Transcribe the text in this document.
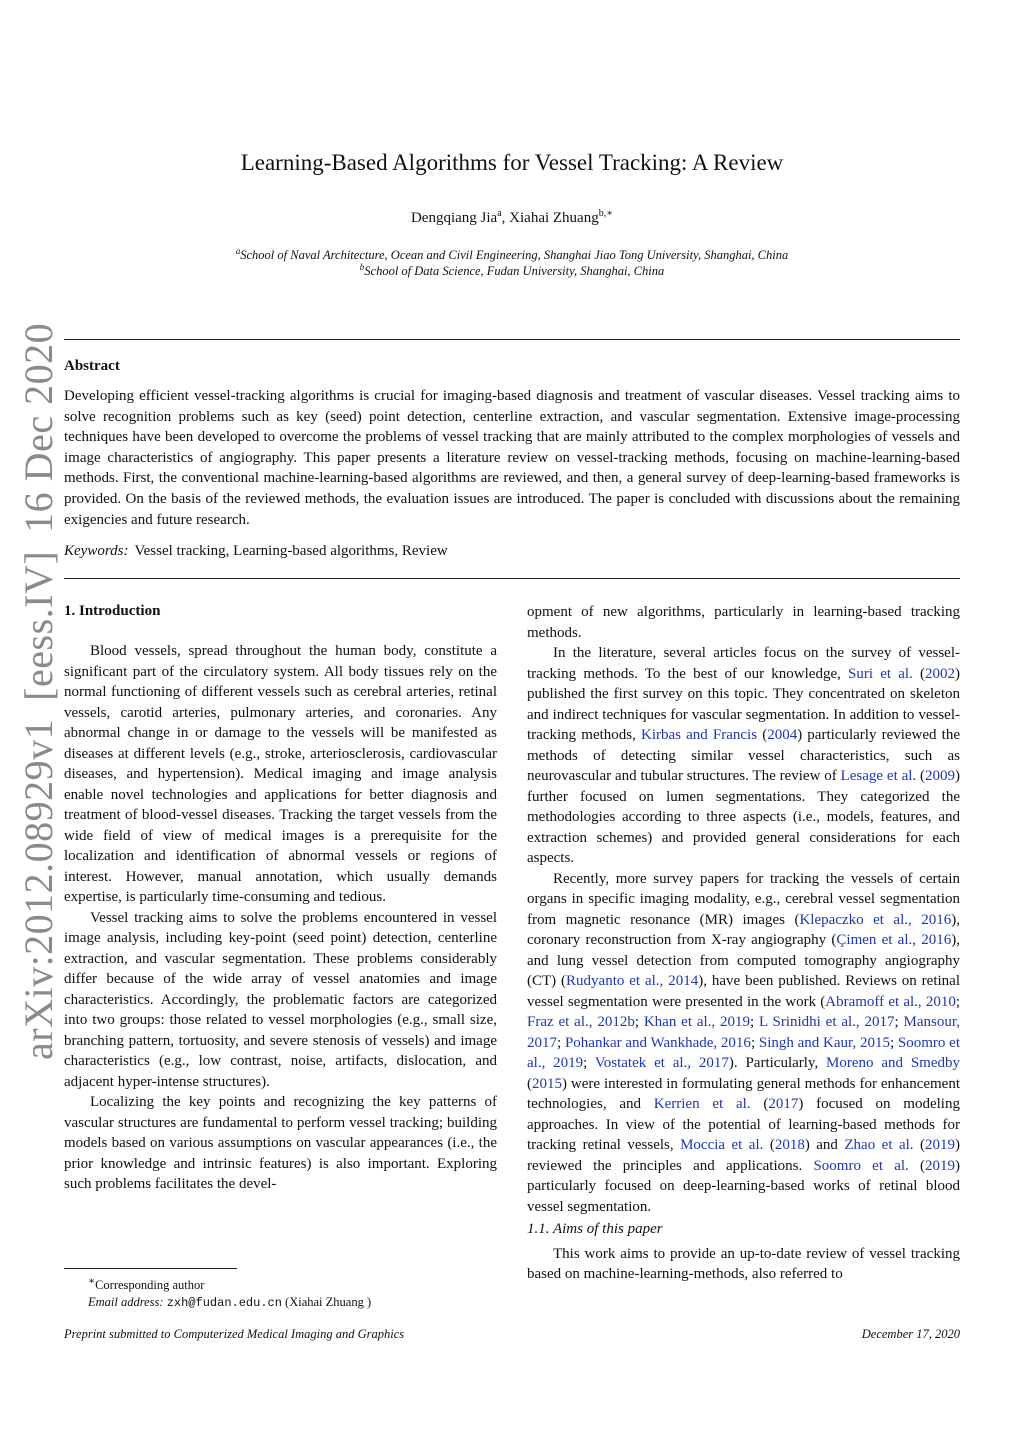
arXiv:2012.08929v1
[eess.IV]
16 Dec 2020
Learning-Based Algorithms for Vessel Tracking: A Review
Dengqiang Jia$^a$, Xiahai Zhuang$^{b,∗}$
$^a$School of Naval Architecture, Ocean and Civil Engineering, Shanghai Jiao Tong University, Shanghai, China
$^b$School of Data Science, Fudan University, Shanghai, China
Abstract
Developing efficient vessel-tracking algorithms is crucial for imaging-based diagnosis and treatment of vascular diseases. Vessel tracking aims to solve recognition problems such as key (seed) point detection, centerline extraction, and vascular segmentation. Extensive image-processing techniques have been developed to overcome the problems of vessel tracking that are mainly attributed to the complex morphologies of vessels and image characteristics of angiography. This paper presents a literature review on vessel-tracking methods, focusing on machine-learning-based methods. First, the conventional machine-learning-based algorithms are reviewed, and then, a general survey of deep-learning-based frameworks is provided. On the basis of the reviewed methods, the evaluation issues are introduced. The paper is concluded with discussions about the remaining exigencies and future research.
Keywords: Vessel tracking, Learning-based algorithms, Review
1. Introduction

Blood vessels, spread throughout the human body, constitute a significant part of the circulatory system. All body tissues rely on the normal functioning of different vessels such as cerebral arteries, retinal vessels, carotid arteries, pulmonary arteries, and coronaries. Any abnormal change in or damage to the vessels will be manifested as diseases at different levels (e.g., stroke, arteriosclerosis, cardiovascular diseases, and hypertension). Medical imaging and image analysis enable novel technologies and applications for better diagnosis and treatment of blood-vessel diseases. Tracking the target vessels from the wide field of view of medical images is a prerequisite for the localization and identification of abnormal vessels or regions of interest. However, manual annotation, which usually demands expertise, is particularly time-consuming and tedious.

Vessel tracking aims to solve the problems encountered in vessel image analysis, including key-point (seed point) detection, centerline extraction, and vascular segmentation. These problems considerably differ because of the wide array of vessel anatomies and image characteristics. Accordingly, the problematic factors are categorized into two groups: those related to vessel morphologies (e.g., small size, branching pattern, tortuosity, and severe stenosis of vessels) and image characteristics (e.g., low contrast, noise, artifacts, dislocation, and adjacent hyper-intense structures).

Localizing the key points and recognizing the key patterns of vascular structures are fundamental to perform vessel tracking; building models based on various assumptions on vascular appearances (i.e., the prior knowledge and intrinsic features) is also important. Exploring such problems facilitates the devel-

opment of new algorithms, particularly in learning-based tracking methods.

In the literature, several articles focus on the survey of vessel-tracking methods. To the best of our knowledge, Suri et al. (2002) published the first survey on this topic. They concentrated on skeleton and indirect techniques for vascular segmentation. In addition to vessel-tracking methods, Kirbas and Francis (2004) particularly reviewed the methods of detecting similar vessel characteristics, such as neurovascular and tubular structures. The review of Lesage et al. (2009) further focused on lumen segmentations. They categorized the methodologies according to three aspects (i.e., models, features, and extraction schemes) and provided general considerations for each aspects.

Recently, more survey papers for tracking the vessels of certain organs in specific imaging modality, e.g., cerebral vessel segmentation from magnetic resonance (MR) images (Klepaczko et al., 2016), coronary reconstruction from X-ray angiography (Çimen et al., 2016), and lung vessel detection from computed tomography angiography (CT) (Rudyanto et al., 2014), have been published. Reviews on retinal vessel segmentation were presented in the work (Abramoff et al., 2010; Fraz et al., 2012b; Khan et al., 2019; L Srinidhi et al., 2017; Mansour, 2017; Pohankar and Wankhade, 2016; Singh and Kaur, 2015; Soomro et al., 2019; Vostatek et al., 2017). Particularly, Moreno and Smedby (2015) were interested in formulating general methods for enhancement technologies, and Kerrien et al. (2017) focused on modeling approaches. In view of the potential of learning-based methods for tracking retinal vessels, Moccia et al. (2018) and Zhao et al. (2019) reviewed the principles and applications. Soomro et al. (2019) particularly focused on deep-learning-based works of retinal blood vessel segmentation.

1.1. Aims of this paper

This work aims to provide an up-to-date review of vessel tracking based on machine-learning-methods, also referred to

∗Corresponding author
Email address: zxh@fudan.edu.cn (Xiahai Zhuang )
Preprint submitted to Computerized Medical Imaging and Graphics	December 17, 2020
